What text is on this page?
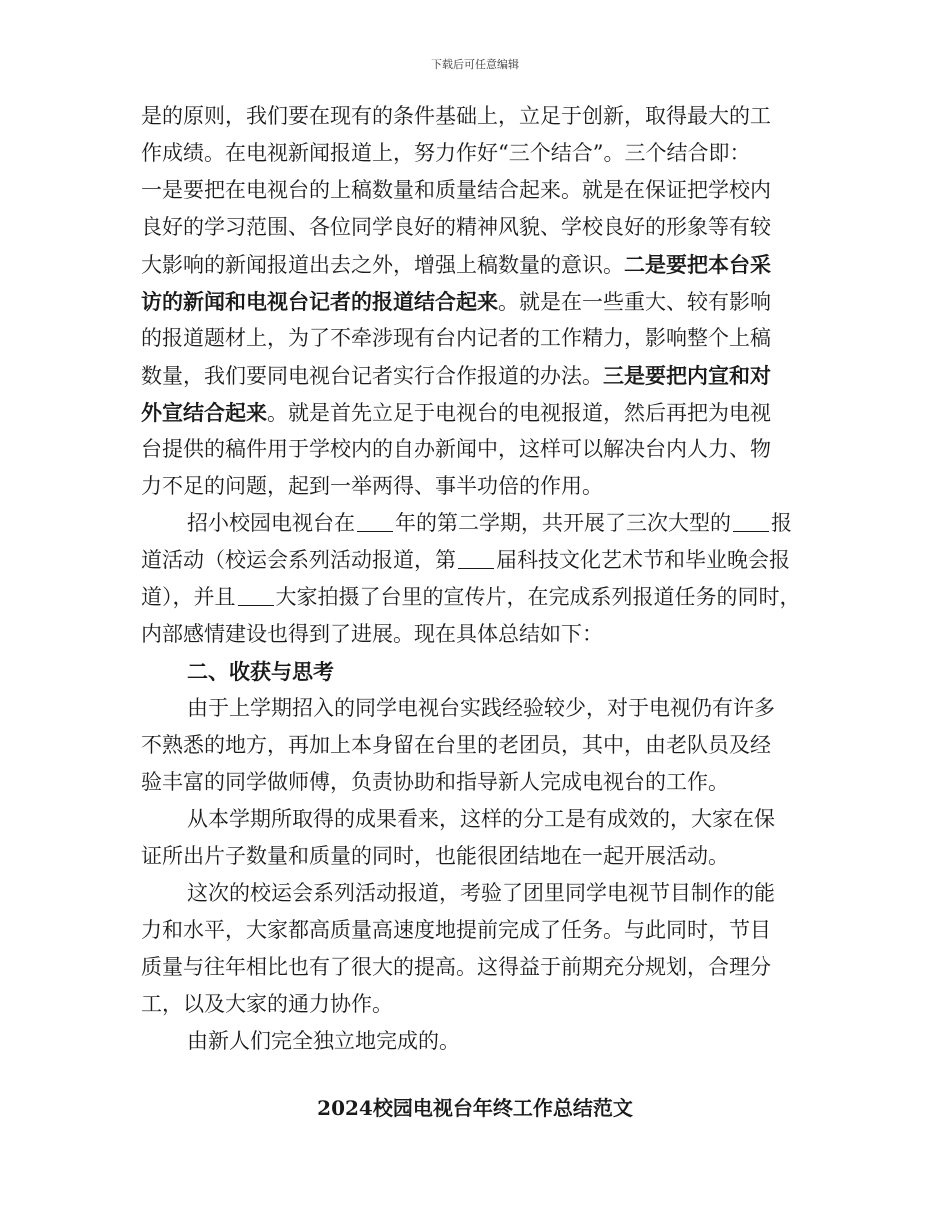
下载后可任意编辑
是的原则，我们要在现有的条件基础上，立足于创新，取得最大的工
作成绩。在电视新闻报道上，努力作好“三个结合”。三个结合即：
一是要把在电视台的上稿数量和质量结合起来。就是在保证把学校内
良好的学习范围、各位同学良好的精神风貌、学校良好的形象等有较
大影响的新闻报道出去之外，增强上稿数量的意识。二是要把本台采
访的新闻和电视台记者的报道结合起来。就是在一些重大、较有影响
的报道题材上，为了不牵涉现有台内记者的工作精力，影响整个上稿
数量，我们要同电视台记者实行合作报道的办法。三是要把内宣和对
外宣结合起来。就是首先立足于电视台的电视报道，然后再把为电视
台提供的稿件用于学校内的自办新闻中，这样可以解决台内人力、物
力不足的问题，起到一举两得、事半功倍的作用。
招小校园电视台在 年的第二学期，共开展了三次大型的 报
道活动（校运会系列活动报道，第 届科技文化艺术节和毕业晚会报
道），并且 大家拍摄了台里的宣传片，在完成系列报道任务的同时，
内部感情建设也得到了进展。现在具体总结如下：
二、收获与思考
由于上学期招入的同学电视台实践经验较少，对于电视仍有许多
不熟悉的地方，再加上本身留在台里的老团员，其中，由老队员及经
验丰富的同学做师傅，负责协助和指导新人完成电视台的工作。
从本学期所取得的成果看来，这样的分工是有成效的，大家在保
证所出片子数量和质量的同时，也能很团结地在一起开展活动。
这次的校运会系列活动报道，考验了团里同学电视节目制作的能
力和水平，大家都高质量高速度地提前完成了任务。与此同时，节目
质量与往年相比也有了很大的提高。这得益于前期充分规划，合理分
工，以及大家的通力协作。
由新人们完全独立地完成的。
2024校园电视台年终工作总结范文
